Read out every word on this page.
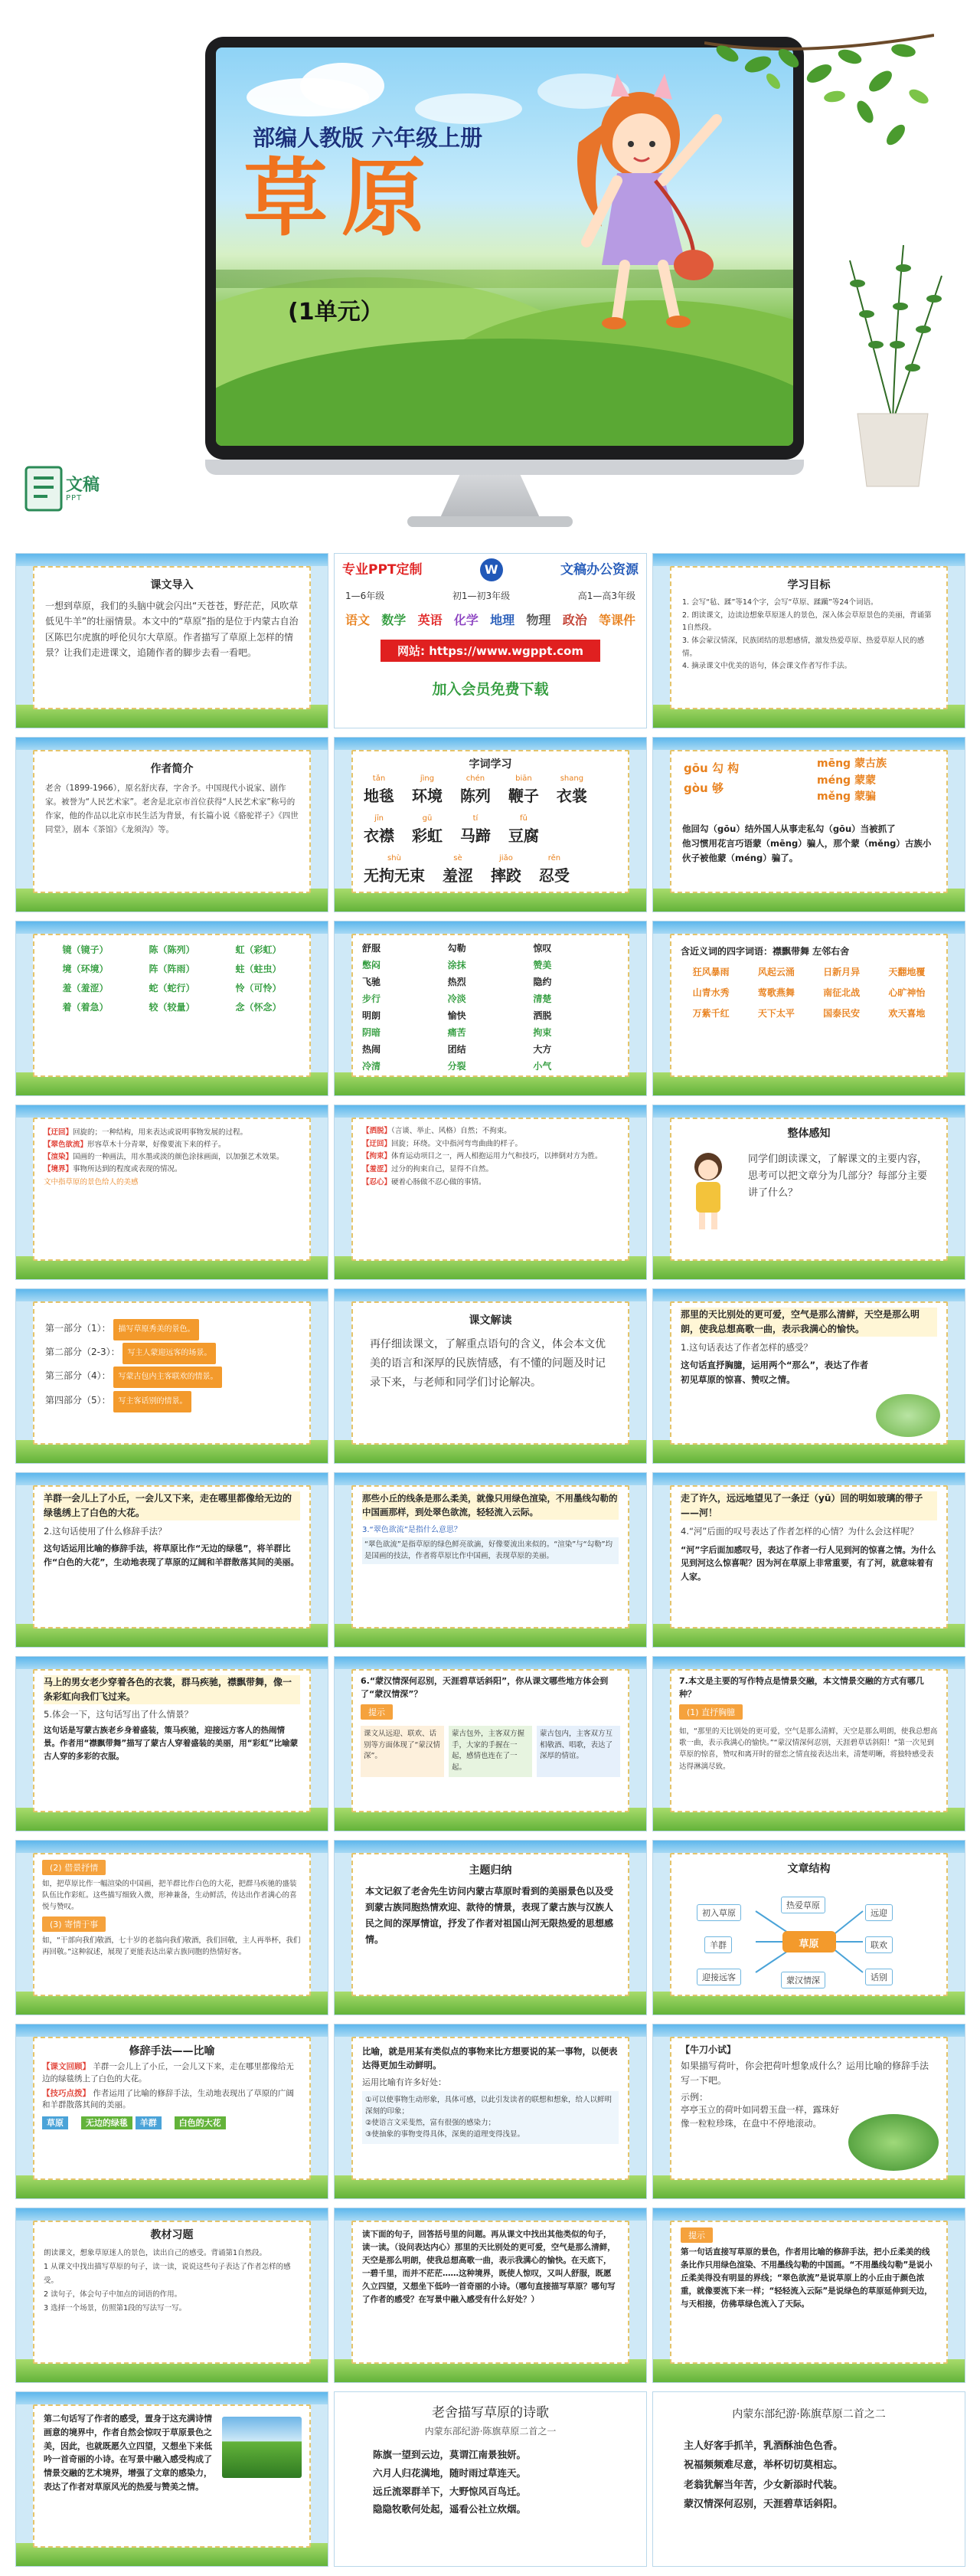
部编人教版 六年级上册
草原
(1单元）
文稿
PPT
课文导入
一想到草原，我们的头脑中就会闪出“天苍苍，野茫茫，风吹草低见牛羊”的壮丽情景。本文中的“草原”指的是位于内蒙古自治区陈巴尔虎旗的呼伦贝尔大草原。作者描写了草原上怎样的情景？让我们走进课文，追随作者的脚步去看一看吧。
专业PPT定制	W	文稿办公资源
1—6年级	初1—初3年级	高1—高3年级
语文 数学 英语 化学 地理 物理 政治 等课件
网站: https://www.wgppt.com
加入会员免费下载
学习目标
1. 会写“毡、蹂”等14个字，会写“草原、蹂躏”等24个词语。
2. 朗读课文，边读边想象草原迷人的景色，深入体会草原景色的美丽，背诵第1自然段。
3. 体会蒙汉情深，民族团结的思想感情，激发热爱草原、热爱草原人民的感情。
4. 摘录课文中优美的语句，体会课文作者写作手法。
作者简介
老舍（1899-1966），原名舒庆春，字舍予。中国现代小说家、剧作家。被誉为“人民艺术家”。老舍是北京市首位获得“人民艺术家”称号的作家，他的作品以北京市民生活为背景，有长篇小说《骆驼祥子》《四世同堂》，剧本《茶馆》《龙须沟》等。
字词学习
tǎn
地毯
jìng
环境
chén
陈列
biān
鞭子
shang
衣裳
jīn
衣襟
gū
彩虹
tí
马蹄
fǔ
豆腐
shù
无拘无束
sè
羞涩
jiǎo
摔跤
rěn
忍受
gōu 勾 构
gòu 够
mēng 蒙古族
méng 蒙蒙
měng 蒙骗
他回勾（gōu）结外国人从事走私勾（gōu）当被抓了
他习惯用花言巧语蒙（mēng）骗人，那个蒙（měng）古族小伙子被他蒙（méng）骗了。
镜（镜子）	陈（陈列）	虹（彩虹）
境（环境）	阵（阵雨）	蛀（蛀虫）
羞（羞涩）	蛇（蛇行）	怜（可怜）
着（着急）	较（较量）	念（怀念）
舒服	勾勒	惊叹
憋闷	涂抹	赞美
飞驰	热烈	隐约
步行	冷淡	清楚
明朗	愉快	洒脱
阴暗	痛苦	拘束
热闹	团结	大方
冷清	分裂	小气
含近义词的四字词语：襟飘带舞 左邻右舍
狂风暴雨	风起云涌	日新月异	天翻地覆
山青水秀	莺歌燕舞	南征北战	心旷神怡
万紫千红	天下太平	国泰民安	欢天喜地
【迂回】回旋的；一种结构，用来表达或说明事物发展的过程。
【翠色欲流】形容草木十分青翠，好像要流下来的样子。
【渲染】国画的一种画法，用水墨或淡的颜色涂抹画面，以加强艺术效果。
【境界】事物所达到的程度或表现的情况。
文中指草原的景色给人的美感
【洒脱】（言谈、举止、风格）自然；不拘束。
【迂回】回旋；环绕。文中指河弯弯曲曲的样子。
【拘束】体育运动项目之一，两人相抱运用力气和技巧，以摔倒对方为胜。
【羞涩】过分的拘束自己，显得不自然。
【忍心】硬着心肠做不忍心做的事情。
整体感知
同学们朗读课文，了解课文的主要内容，思考可以把文章分为几部分？每部分主要讲了什么？
第一部分（1）： 描写草原秀美的景色。
第二部分（2-3）： 写主人蒙迎远客的场景。
第三部分（4）： 写蒙古包内主客联欢的情景。
第四部分（5）： 写主客话别的情景。
课文解读
再仔细读课文，了解重点语句的含义，体会本文优美的语言和深厚的民族情感，有不懂的问题及时记录下来，与老师和同学们讨论解决。
那里的天比别处的更可爱，空气是那么清鲜，天空是那么明朗，使我总想高歌一曲，表示我满心的愉快。
1.这句话表达了作者怎样的感受？
这句话直抒胸臆，运用两个“那么”，表达了作者初见草原的惊喜、赞叹之情。
羊群一会儿上了小丘，一会儿又下来，走在哪里都像给无边的绿毯绣上了白色的大花。
2.这句话使用了什么修辞手法？
这句话运用比喻的修辞手法，将草原比作“无边的绿毯”，将羊群比作“白色的大花”，生动地表现了草原的辽阔和羊群散落其间的美丽。
那些小丘的线条是那么柔美，就像只用绿色渲染，不用墨线勾勒的中国画那样，到处翠色欲流，轻轻流入云际。
3.“翠色欲流”是指什么意思？
“翠色欲流”是指草原的绿色鲜亮欲滴，好像要流出来似的。“渲染”与“勾勒”均是国画的技法，作者将草原比作中国画，表现草原的美丽。
走了许久，远远地望见了一条迂（yū）回的明如玻璃的带子——河！
4.“河”后面的叹号表达了作者怎样的心情？为什么会这样呢？
“河”字后面加感叹号，表达了作者一行人见到河的惊喜之情。为什么见到河这么惊喜呢？因为河在草原上非常重要，有了河，就意味着有人家。
马上的男女老少穿着各色的衣裳，群马疾驰，襟飘带舞，像一条彩虹向我们飞过来。
5.体会一下，这句话写出了什么情景？
这句话是写蒙古族老乡身着盛装，策马疾驰，迎接远方客人的热闹情景。作者用“襟飘带舞”描写了蒙古人穿着盛装的美丽，用“彩虹”比喻蒙古人穿的多彩的衣服。
6.“蒙汉情深何忍别，天涯碧草话斜阳”，你从课文哪些地方体会到了“蒙汉情深”？
提示
课文从远迎、联欢、话别等方面体现了“蒙汉情深”。
蒙古包外，主客双方握手，大家的手握在一起，感情也连在了一起。
蒙古包内，主客双方互相敬酒、唱歌，表达了深厚的情谊。
7.本文是主要的写作特点是情景交融，本文情景交融的方式有哪几种？
(1) 直抒胸臆
如，“那里的天比别处的更可爱，空气是那么清鲜，天空是那么明朗，使我总想高歌一曲，表示我满心的愉快。”“蒙汉情深何忍别，天涯碧草话斜阳！”第一次见到草原的惊喜，赞叹和离开时的留恋之情直接表达出来，清楚明晰，将独特感受表达得淋漓尽致。
(2) 借景抒情
如，把草原比作一幅渲染的中国画，把羊群比作白色的大花，把群马疾驰的盛装队伍比作彩虹。这些描写细致入微，形神兼备，生动鲜活，传达出作者满心的喜悦与赞叹。
(3) 寄情于事
如，“干部向我们敬酒，七十岁的老翁向我们敬酒，我们回敬，主人再举杯，我们再回敬。”这种叙述，展现了更能表达出蒙古族同胞的热情好客。
主题归纳
本文记叙了老舍先生访问内蒙古草原时看到的美丽景色以及受到蒙古族同胞热情欢迎、款待的情景，表现了蒙古族与汉族人民之间的深厚情谊，抒发了作者对祖国山河无限热爱的思想感情。
文章结构
草原
初入草原
羊群
迎接远客
远迎
联欢
话别
蒙汉情深
热爱草原
修辞手法——比喻
【课文回顾】 羊群一会儿上了小丘，一会儿又下来，走在哪里都像给无边的绿毯绣上了白色的大花。
【技巧点拨】 作者运用了比喻的修辞手法，生动地表现出了草原的广阔和羊群散落其间的美丽。
草原 → 无边的绿毯 羊群 → 白色的大花
比喻，就是用某有类似点的事物来比方想要说的某一事物，以便表达得更加生动鲜明。
运用比喻有许多好处：
①可以使事物生动形象，具体可感，以此引发读者的联想和想象，给人以鲜明深刻的印象；
②使语言文采斐然，富有很强的感染力；
③使抽象的事物变得具体，深奥的道理变得浅显。
【牛刀小试】
如果描写荷叶，你会把荷叶想象成什么？运用比喻的修辞手法写一下吧。
示例：
亭亭玉立的荷叶如同碧玉盘一样，露珠好像一粒粒珍珠，在盘中不停地滚动。
教材习题
朗读课文，想象草原迷人的景色，读出自己的感受。背诵第1自然段。
1 从课文中找出描写草原的句子，读一读，说说这些句子表达了作者怎样的感受。
2 读句子，体会句子中加点的词语的作用。
3 选择一个场景，仿照第1段的写法写一写。
读下面的句子，回答括号里的问题。再从课文中找出其他类似的句子，读一读。（设问表达内心）那里的天比别处的更可爱，空气是那么清鲜，天空是那么明朗，使我总想高歌一曲，表示我满心的愉快。在天底下，一碧千里，而并不茫茫……这种境界，既使人惊叹，又叫人舒服，既愿久立四望，又想坐下低吟一首奇丽的小诗。（哪句直接描写草原？哪句写了作者的感受？在写景中融入感受有什么好处？）
提示
第一句话直接写草原的景色，作者用比喻的修辞手法，把小丘柔美的线条比作只用绿色渲染、不用墨线勾勒的中国画。“不用墨线勾勒”是说小丘柔美得没有明显的界线；“翠色欲流”是说草原上的小丘由于颜色浓重，就像要流下来一样；“轻轻流入云际”是说绿色的草原延伸到天边，与天相接，仿佛草绿色流入了天际。
第二句话写了作者的感受，置身于这充满诗情画意的境界中，作者自然会惊叹于草原景色之美，因此，也就既愿久立四望，又想坐下来低吟一首奇丽的小诗。在写景中融入感受构成了情景交融的艺术境界，增强了文章的感染力，表达了作者对草原风光的热爱与赞美之情。
老舍描写草原的诗歌
内蒙东部纪游·陈旗草原二首之一
陈旗一望到云边，莫谓江南景独妍。
六月人归花满地，随时雨过草连天。
远丘流翠群羊下，大野惊风百鸟迁。
隐隐牧歌何处起，遥看公社立炊烟。
内蒙东部纪游·陈旗草原二首之二
主人好客手抓羊，乳酒酥油色色香。
祝福频频难尽意，举杯切切莫相忘。
老翁犹解当年苦，少女新添时代装。
蒙汉情深何忍别，天涯碧草话斜阳。
